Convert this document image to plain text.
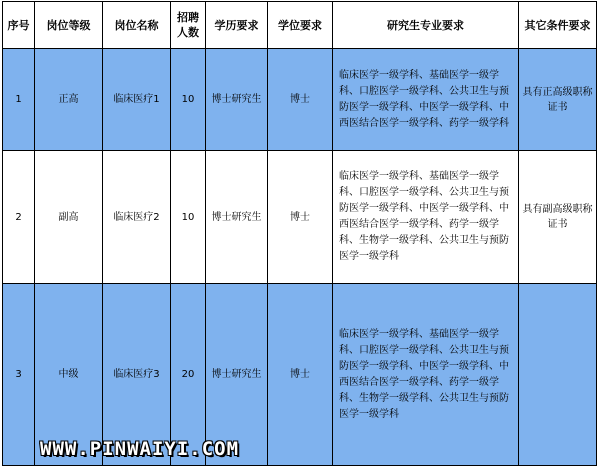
序号	岗位等级	岗位名称	招聘人数	学历要求	学位要求	研究生专业要求	其它条件要求
1	正高	临床医疗1	10	博士研究生	博士	临床医学一级学科、基础医学一级学科、口腔医学一级学科、公共卫生与预防医学一级学科、中医学一级学科、中西医结合医学一级学科、药学一级学科	具有正高级职称证书
2	副高	临床医疗2	10	博士研究生	博士	临床医学一级学科、基础医学一级学科、口腔医学一级学科、公共卫生与预防医学一级学科、中医学一级学科、中西医结合医学一级学科、药学一级学科、生物学一级学科、公共卫生与预防医学一级学科	具有副高级职称证书
3	中级	临床医疗3	20	博士研究生	博士	临床医学一级学科、基础医学一级学科、口腔医学一级学科、公共卫生与预防医学一级学科、中医学一级学科、中西医结合医学一级学科、药学一级学科、生物学一级学科、公共卫生与预防医学一级学科	
WWW.PINWAIYI.COM
